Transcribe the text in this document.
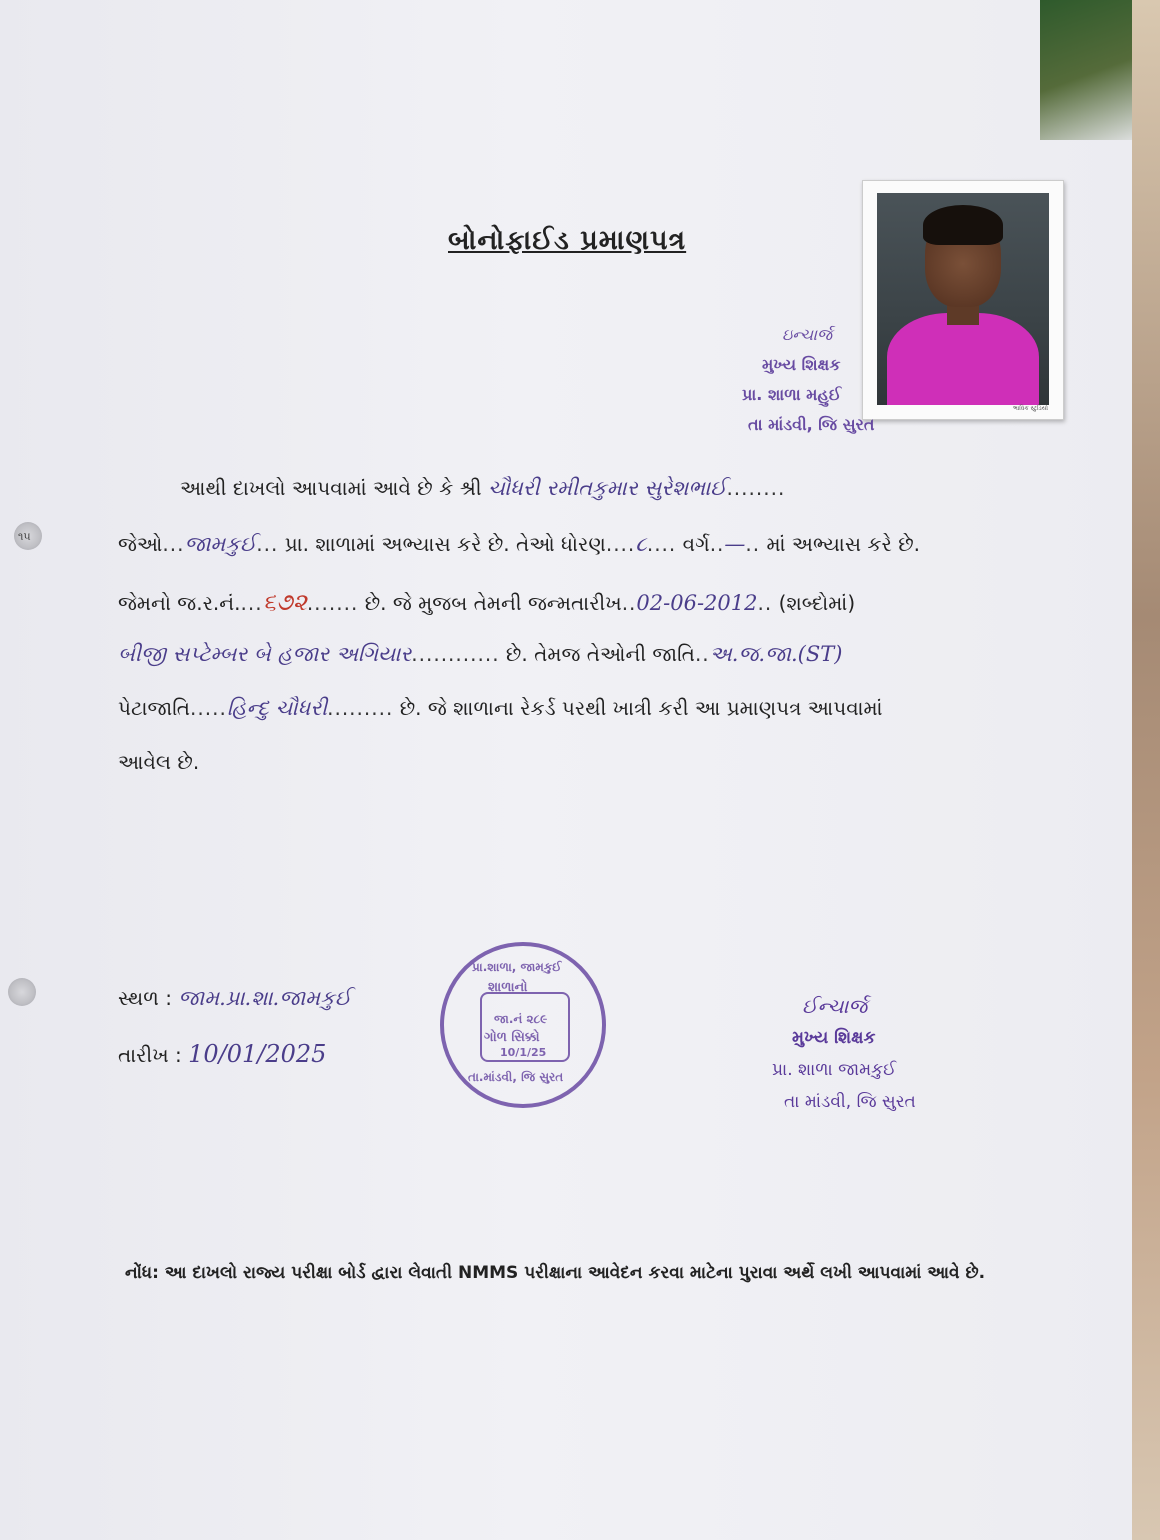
૧૫
બોનોફાઈડ પ્રમાણપત્ર
ભાવિક સ્ટુડિયો
ઇન્ચાર્જ
મુખ્ય શિક્ષક
પ્રા. શાળા મહુઈ
તા માંડવી, જિ સુરત
આથી દાખલો આપવામાં આવે છે કે શ્રી ચૌધરી રમીતકુમાર સુરેશભાઈ........
જેઓ...જામકુઈ... પ્રા. શાળામાં અભ્યાસ કરે છે. તેઓ ધોરણ....૮.... વર્ગ..—.. માં અભ્યાસ કરે છે.
જેમનો જ.ર.નં....૬૭૨....... છે. જે મુજબ તેમની જન્મતારીખ..02-06-2012.. (શબ્દોમાં)
બીજી સપ્ટેમ્બર બે હજાર અગિયાર............ છે. તેમજ તેઓની જાતિ..અ.જ.જા.(ST)
પેટાજાતિ.....હિન્દુ ચૌધરી......... છે. જે શાળાના રેકર્ડ પરથી ખાત્રી કરી આ પ્રમાણપત્ર આપવામાં
આવેલ છે.
સ્થળ : જામ.પ્રા.શા.જામકુઈ
તારીખ : 10/01/2025
પ્રા.શાળા, જામકુઈ
શાળાનો
જા.નં ૨૮૯
ગોળ સિક્કો
10/1/25
તા.માંડવી, જિ સુરત
ઈન્ચાર્જ
મુખ્ય શિક્ષક
પ્રા. શાળા જામકુઈ
તા માંડવી, જિ સુરત
નોંધ: આ દાખલો રાજ્ય પરીક્ષા બોર્ડ દ્વારા લેવાતી NMMS પરીક્ષાના આવેદન કરવા માટેના પુરાવા અર્થે લખી આપવામાં આવે છે.
